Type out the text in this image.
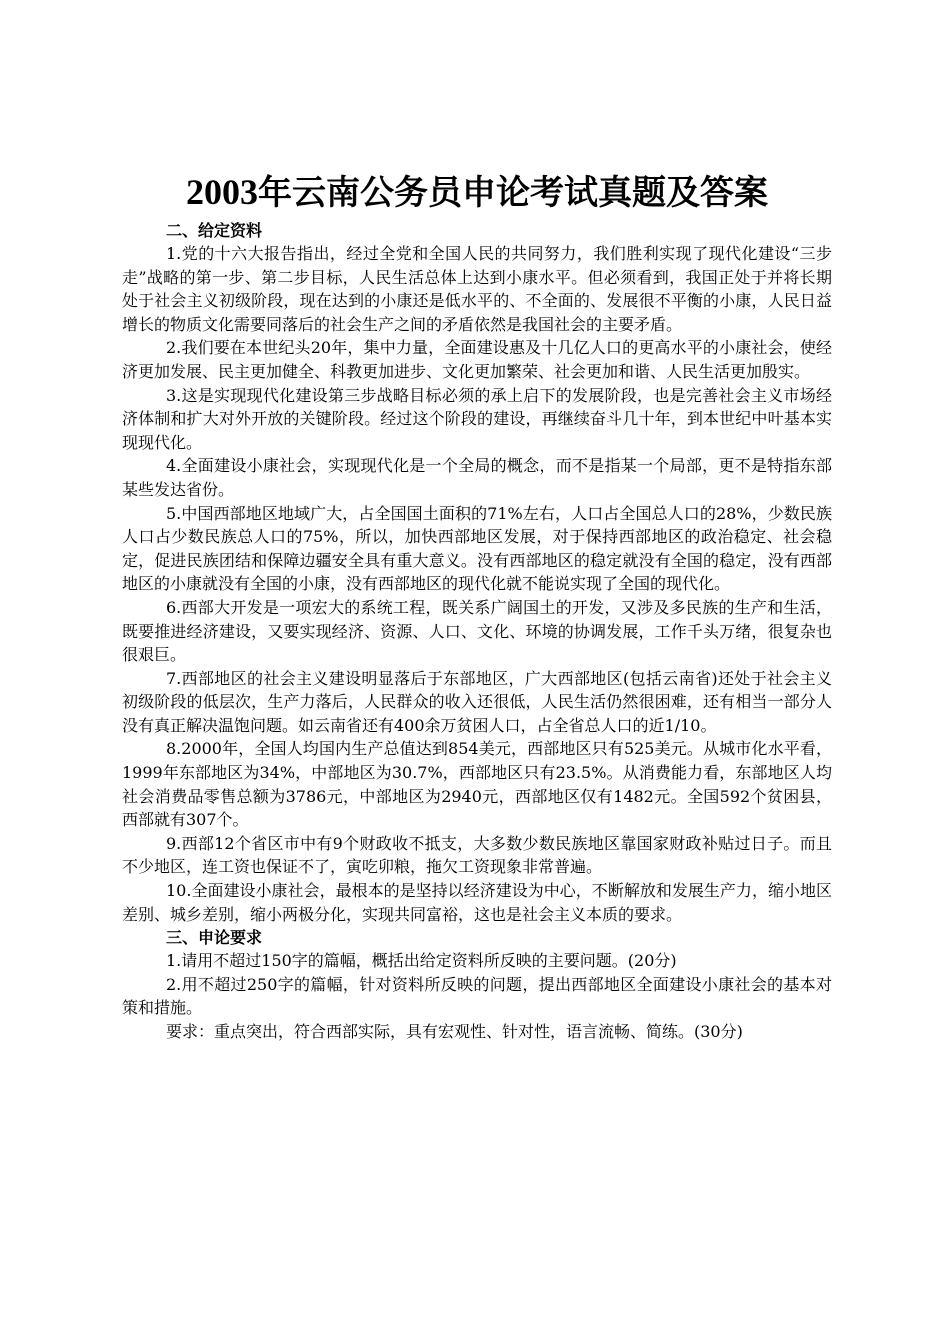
2003年云南公务员申论考试真题及答案

二、给定资料

1.党的十六大报告指出，经过全党和全国人民的共同努力，我们胜利实现了现代化建设“三步走”战略的第一步、第二步目标，人民生活总体上达到小康水平。但必须看到，我国正处于并将长期处于社会主义初级阶段，现在达到的小康还是低水平的、不全面的、发展很不平衡的小康，人民日益增长的物质文化需要同落后的社会生产之间的矛盾依然是我国社会的主要矛盾。

2.我们要在本世纪头20年，集中力量，全面建设惠及十几亿人口的更高水平的小康社会，使经济更加发展、民主更加健全、科教更加进步、文化更加繁荣、社会更加和谐、人民生活更加殷实。

3.这是实现现代化建设第三步战略目标必须的承上启下的发展阶段，也是完善社会主义市场经济体制和扩大对外开放的关键阶段。经过这个阶段的建设，再继续奋斗几十年，到本世纪中叶基本实现现代化。

4.全面建设小康社会，实现现代化是一个全局的概念，而不是指某一个局部，更不是特指东部某些发达省份。

5.中国西部地区地域广大，占全国国土面积的71%左右，人口占全国总人口的28%，少数民族人口占少数民族总人口的75%，所以，加快西部地区发展，对于保持西部地区的政治稳定、社会稳定，促进民族团结和保障边疆安全具有重大意义。没有西部地区的稳定就没有全国的稳定，没有西部地区的小康就没有全国的小康，没有西部地区的现代化就不能说实现了全国的现代化。

6.西部大开发是一项宏大的系统工程，既关系广阔国土的开发，又涉及多民族的生产和生活，既要推进经济建设，又要实现经济、资源、人口、文化、环境的协调发展，工作千头万绪，很复杂也很艰巨。

7.西部地区的社会主义建设明显落后于东部地区，广大西部地区(包括云南省)还处于社会主义初级阶段的低层次，生产力落后，人民群众的收入还很低，人民生活仍然很困难，还有相当一部分人没有真正解决温饱问题。如云南省还有400余万贫困人口，占全省总人口的近1/10。

8.2000年，全国人均国内生产总值达到854美元，西部地区只有525美元。从城市化水平看，1999年东部地区为34%，中部地区为30.7%，西部地区只有23.5%。从消费能力看，东部地区人均社会消费品零售总额为3786元，中部地区为2940元，西部地区仅有1482元。全国592个贫困县，西部就有307个。

9.西部12个省区市中有9个财政收不抵支，大多数少数民族地区靠国家财政补贴过日子。而且不少地区，连工资也保证不了，寅吃卯粮，拖欠工资现象非常普遍。

10.全面建设小康社会，最根本的是坚持以经济建设为中心，不断解放和发展生产力，缩小地区差别、城乡差别，缩小两极分化，实现共同富裕，这也是社会主义本质的要求。

三、申论要求

1.请用不超过150字的篇幅，概括出给定资料所反映的主要问题。(20分)

2.用不超过250字的篇幅，针对资料所反映的问题，提出西部地区全面建设小康社会的基本对策和措施。

要求：重点突出，符合西部实际，具有宏观性、针对性，语言流畅、简练。(30分)
